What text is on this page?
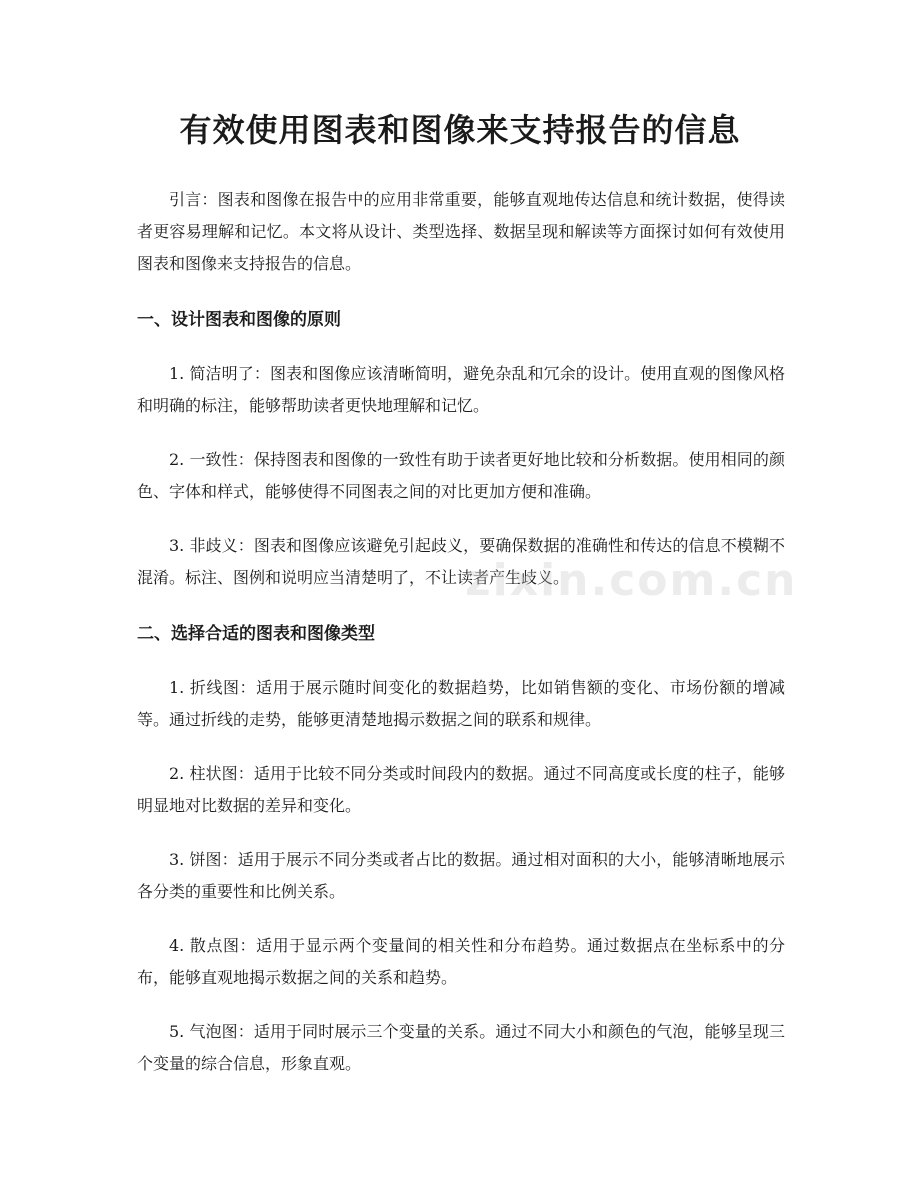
有效使用图表和图像来支持报告的信息

引言：图表和图像在报告中的应用非常重要，能够直观地传达信息和统计数据，使得读者更容易理解和记忆。本文将从设计、类型选择、数据呈现和解读等方面探讨如何有效使用图表和图像来支持报告的信息。

一、设计图表和图像的原则

1. 简洁明了：图表和图像应该清晰简明，避免杂乱和冗余的设计。使用直观的图像风格和明确的标注，能够帮助读者更快地理解和记忆。

2. 一致性：保持图表和图像的一致性有助于读者更好地比较和分析数据。使用相同的颜色、字体和样式，能够使得不同图表之间的对比更加方便和准确。

3. 非歧义：图表和图像应该避免引起歧义，要确保数据的准确性和传达的信息不模糊不混淆。标注、图例和说明应当清楚明了，不让读者产生歧义。

二、选择合适的图表和图像类型

1. 折线图：适用于展示随时间变化的数据趋势，比如销售额的变化、市场份额的增减等。通过折线的走势，能够更清楚地揭示数据之间的联系和规律。

2. 柱状图：适用于比较不同分类或时间段内的数据。通过不同高度或长度的柱子，能够明显地对比数据的差异和变化。

3. 饼图：适用于展示不同分类或者占比的数据。通过相对面积的大小，能够清晰地展示各分类的重要性和比例关系。

4. 散点图：适用于显示两个变量间的相关性和分布趋势。通过数据点在坐标系中的分布，能够直观地揭示数据之间的关系和趋势。

5. 气泡图：适用于同时展示三个变量的关系。通过不同大小和颜色的气泡，能够呈现三个变量的综合信息，形象直观。

zixin.com.cn
